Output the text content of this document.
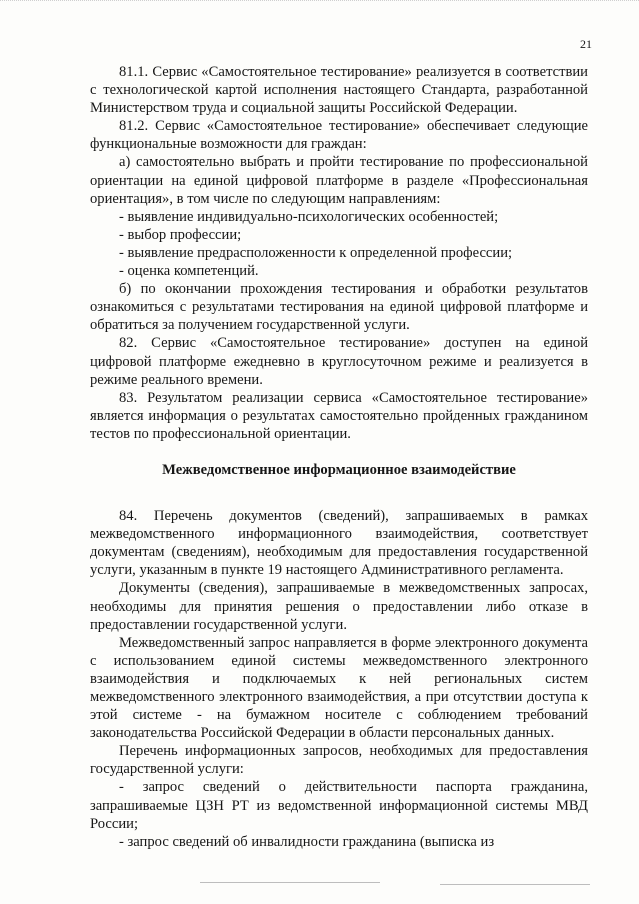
21

81.1. Сервис «Самостоятельное тестирование» реализуется в соответствии с технологической картой исполнения настоящего Стандарта, разработанной Министерством труда и социальной защиты Российской Федерации.

81.2. Сервис «Самостоятельное тестирование» обеспечивает следующие функциональные возможности для граждан:

а) самостоятельно выбрать и пройти тестирование по профессиональной ориентации на единой цифровой платформе в разделе «Профессиональная ориентация», в том числе по следующим направлениям:

- выявление индивидуально-психологических особенностей;

- выбор профессии;

- выявление предрасположенности к определенной профессии;

- оценка компетенций.

б) по окончании прохождения тестирования и обработки результатов ознакомиться с результатами тестирования на единой цифровой платформе и обратиться за получением государственной услуги.

82. Сервис «Самостоятельное тестирование» доступен на единой цифровой платформе ежедневно в круглосуточном режиме и реализуется в режиме реального времени.

83. Результатом реализации сервиса «Самостоятельное тестирование» является информация о результатах самостоятельно пройденных гражданином тестов по профессиональной ориентации.

Межведомственное информационное взаимодействие

84. Перечень документов (сведений), запрашиваемых в рамках межведомственного информационного взаимодействия, соответствует документам (сведениям), необходимым для предоставления государственной услуги, указанным в пункте 19 настоящего Административного регламента.

Документы (сведения), запрашиваемые в межведомственных запросах, необходимы для принятия решения о предоставлении либо отказе в предоставлении государственной услуги.

Межведомственный запрос направляется в форме электронного документа с использованием единой системы межведомственного электронного взаимодействия и подключаемых к ней региональных систем межведомственного электронного взаимодействия, а при отсутствии доступа к этой системе - на бумажном носителе с соблюдением требований законодательства Российской Федерации в области персональных данных.

Перечень информационных запросов, необходимых для предоставления государственной услуги:

- запрос сведений о действительности паспорта гражданина, запрашиваемые ЦЗН РТ из ведомственной информационной системы МВД России;

- запрос сведений об инвалидности гражданина (выписка из
